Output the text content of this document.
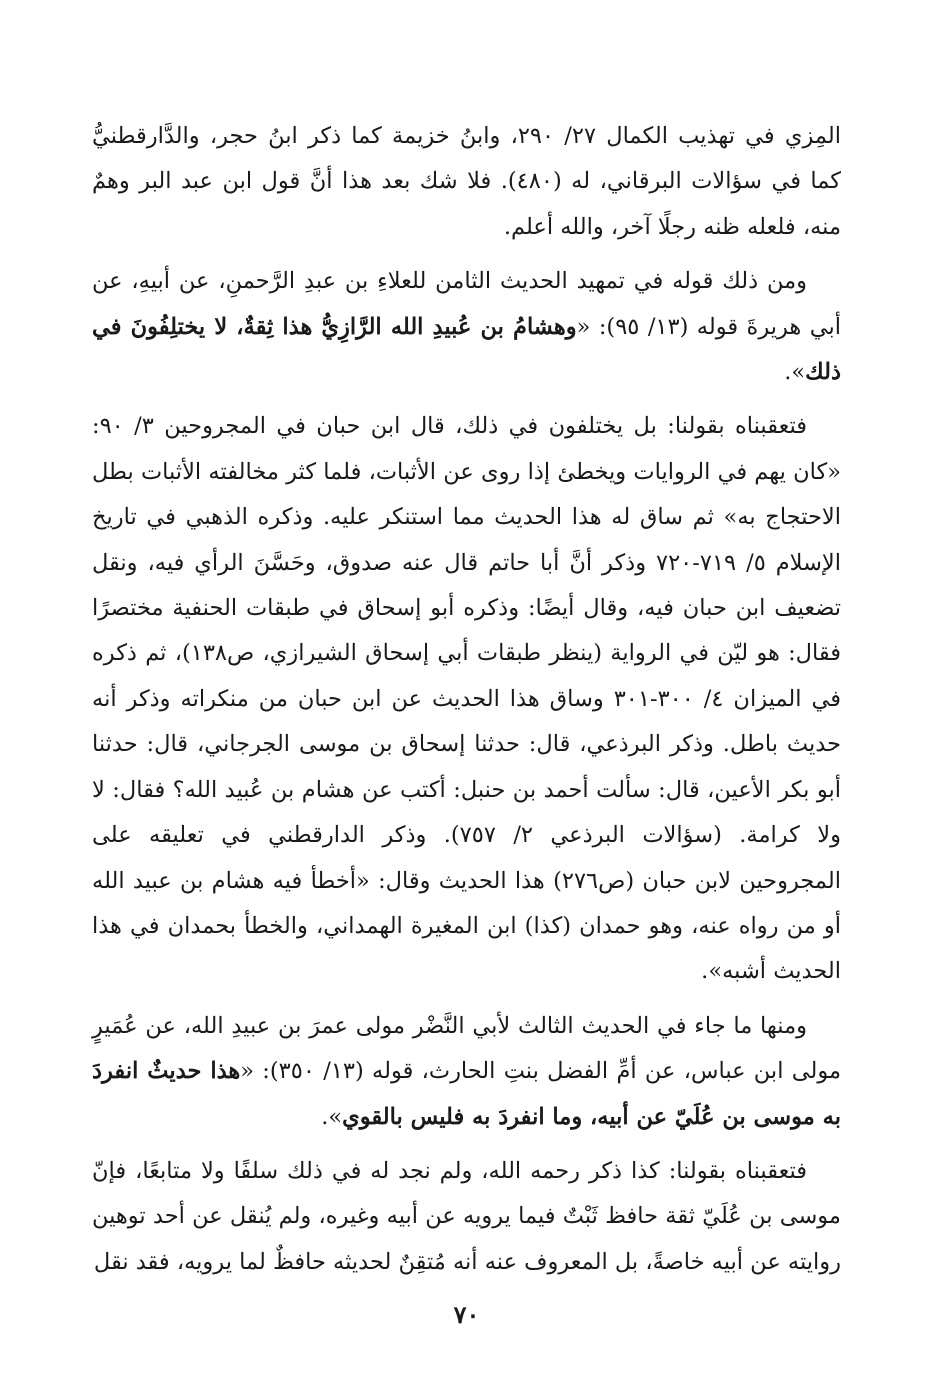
المِزي في تهذيب الكمال ٢٧/ ٢٩٠، وابنُ خزيمة كما ذكر ابنُ حجر، والدَّارقطنيُّ كما في سؤالات البرقاني، له (٤٨٠). فلا شك بعد هذا أنَّ قول ابن عبد البر وهمٌ منه، فلعله ظنه رجلًا آخر، والله أعلم.

ومن ذلك قوله في تمهيد الحديث الثامن للعلاءِ بن عبدِ الرَّحمنِ، عن أبيهِ، عن أبي هريرةَ قوله (١٣/ ٩٥): «وهشامُ بن عُبيدِ الله الرَّازِيُّ هذا ثِقةٌ، لا يختلِفُونَ في ذلك».

فتعقبناه بقولنا: بل يختلفون في ذلك، قال ابن حبان في المجروحين ٣/ ٩٠: «كان يهم في الروايات ويخطئ إذا روى عن الأثبات، فلما كثر مخالفته الأثبات بطل الاحتجاج به» ثم ساق له هذا الحديث مما استنكر عليه. وذكره الذهبي في تاريخ الإسلام ٥/ ٧١٩-٧٢٠ وذكر أنَّ أبا حاتم قال عنه صدوق، وحَسَّنَ الرأي فيه، ونقل تضعيف ابن حبان فيه، وقال أيضًا: وذكره أبو إسحاق في طبقات الحنفية مختصرًا فقال: هو ليّن في الرواية (ينظر طبقات أبي إسحاق الشيرازي، ص١٣٨)، ثم ذكره في الميزان ٤/ ٣٠٠-٣٠١ وساق هذا الحديث عن ابن حبان من منكراته وذكر أنه حديث باطل. وذكر البرذعي، قال: حدثنا إسحاق بن موسى الجرجاني، قال: حدثنا أبو بكر الأعين، قال: سألت أحمد بن حنبل: أكتب عن هشام بن عُبيد الله؟ فقال: لا ولا كرامة. (سؤالات البرذعي ٢/ ٧٥٧). وذكر الدارقطني في تعليقه على المجروحين لابن حبان (ص٢٧٦) هذا الحديث وقال: «أخطأ فيه هشام بن عبيد الله أو من رواه عنه، وهو حمدان (كذا) ابن المغيرة الهمداني، والخطأ بحمدان في هذا الحديث أشبه».

ومنها ما جاء في الحديث الثالث لأبي النَّضْر مولى عمرَ بن عبيدِ الله، عن عُمَيرٍ مولى ابن عباس، عن أمِّ الفضل بنتِ الحارث، قوله (١٣/ ٣٥٠): «هذا حديثٌ انفردَ به موسى بن عُلَيّ عن أبيه، وما انفردَ به فليس بالقوي».

فتعقبناه بقولنا: كذا ذكر رحمه الله، ولم نجد له في ذلك سلفًا ولا متابعًا، فإنّ موسى بن عُلَيّ ثقة حافظ ثَبْتٌ فيما يرويه عن أبيه وغيره، ولم يُنقل عن أحد توهين روايته عن أبيه خاصةً، بل المعروف عنه أنه مُتقِنٌ لحديثه حافظٌ لما يرويه، فقد نقل

٧٠
